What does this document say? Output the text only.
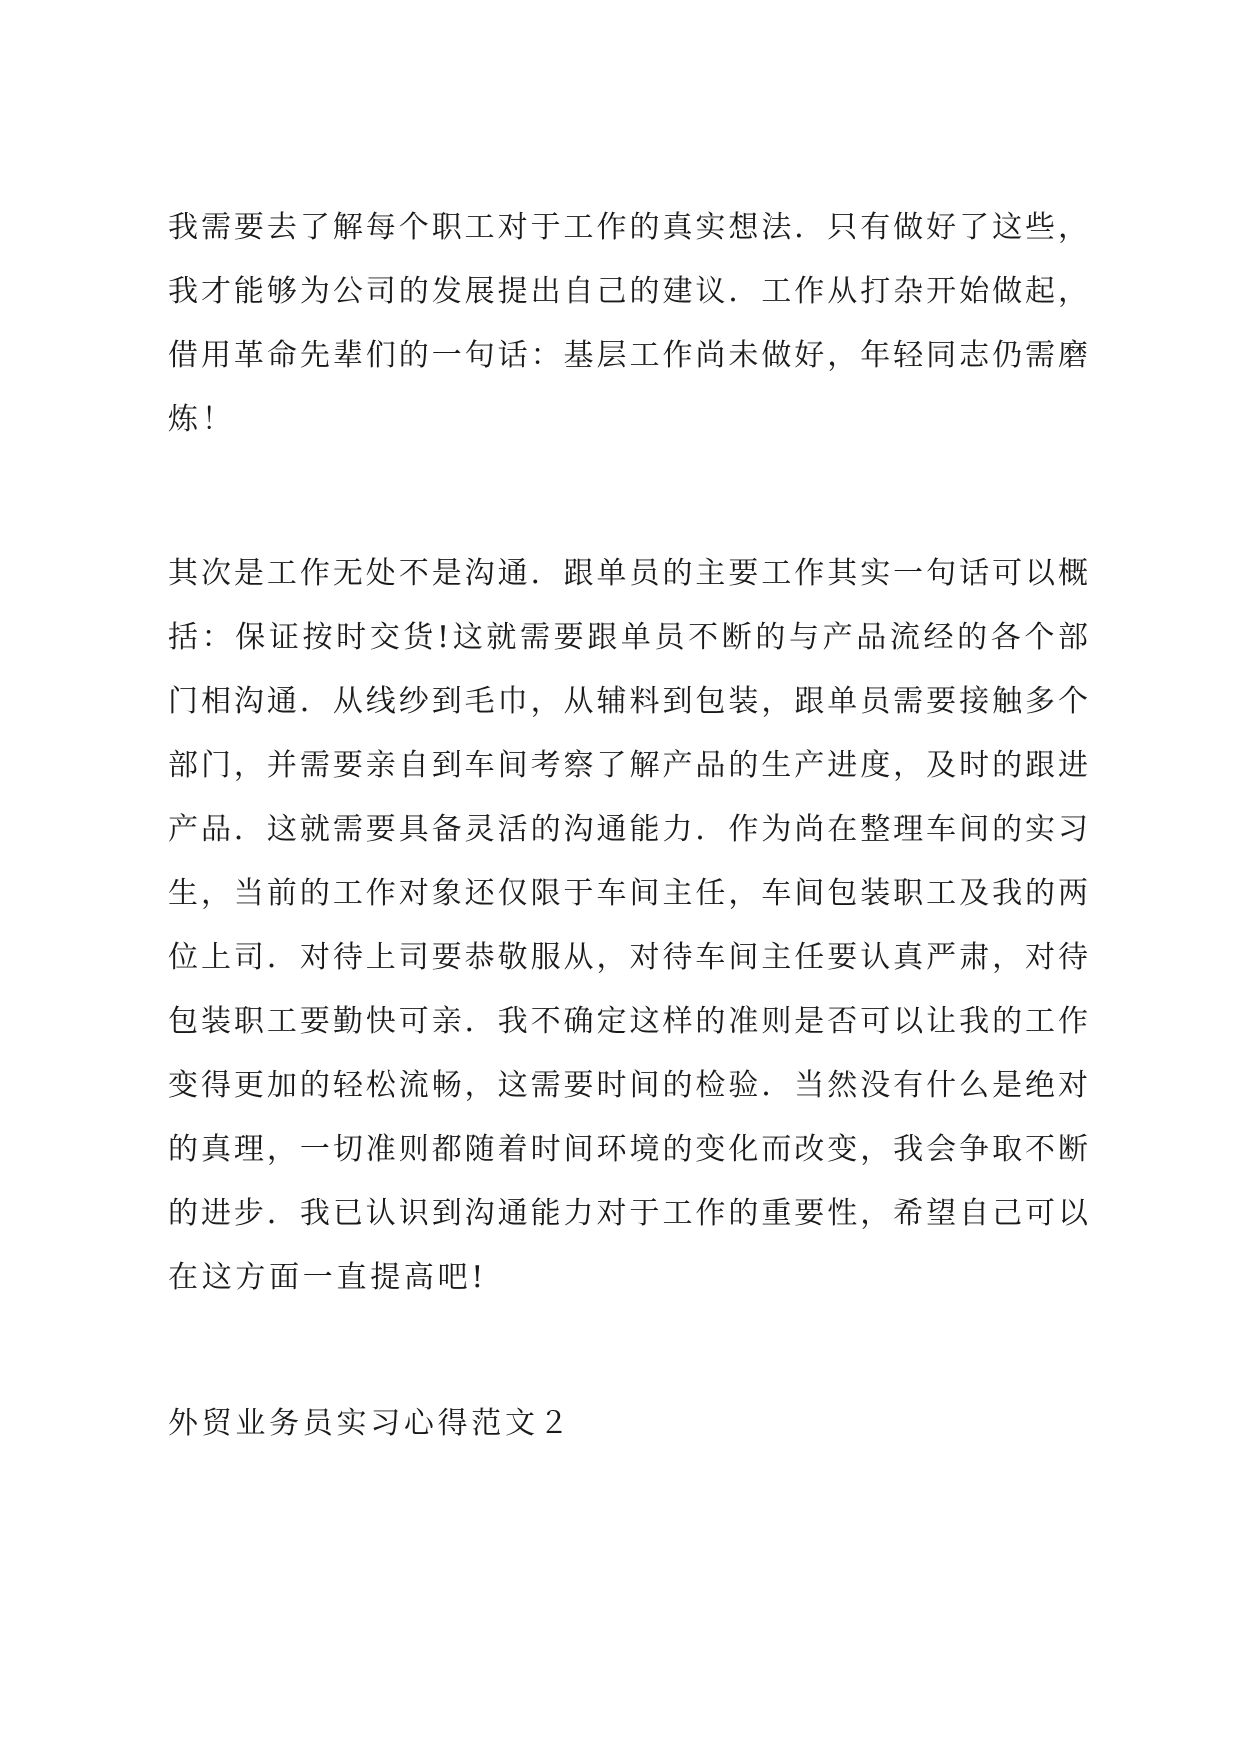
我需要去了解每个职工对于工作的真实想法．只有做好了这些，
我才能够为公司的发展提出自己的建议．工作从打杂开始做起，
借用革命先辈们的一句话：基层工作尚未做好，年轻同志仍需磨
炼！
其次是工作无处不是沟通．跟单员的主要工作其实一句话可以概
括：保证按时交货!这就需要跟单员不断的与产品流经的各个部
门相沟通．从线纱到毛巾，从辅料到包装，跟单员需要接触多个
部门，并需要亲自到车间考察了解产品的生产进度，及时的跟进
产品．这就需要具备灵活的沟通能力．作为尚在整理车间的实习
生，当前的工作对象还仅限于车间主任，车间包装职工及我的两
位上司．对待上司要恭敬服从，对待车间主任要认真严肃，对待
包装职工要勤快可亲．我不确定这样的准则是否可以让我的工作
变得更加的轻松流畅，这需要时间的检验．当然没有什么是绝对
的真理，一切准则都随着时间环境的变化而改变，我会争取不断
的进步．我已认识到沟通能力对于工作的重要性，希望自己可以
在这方面一直提高吧!
外贸业务员实习心得范文２
